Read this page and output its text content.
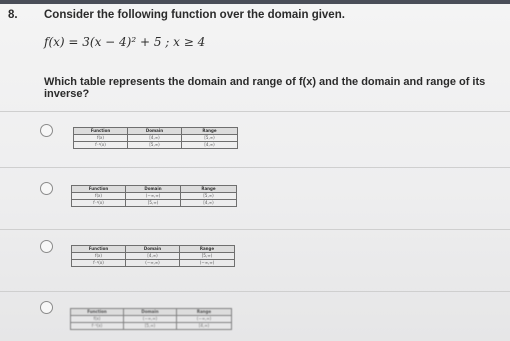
8. Consider the following function over the domain given.
f(x) = 3(x − 4)² + 5 ; x ≥ 4
Which table represents the domain and range of f(x) and the domain and range of its
inverse?
Function	Domain	Range
f(x)	[4,∞)	[5,∞)
f⁻¹(x)	[5,∞)	[4,∞)
Function	Domain	Range
f(x)	(−∞,∞)	[5,∞)
f⁻¹(x)	[5,∞)	[4,∞)
Function	Domain	Range
f(x)	[4,∞)	[5,∞)
f⁻¹(x)	(−∞,∞)	(−∞,∞)
Function	Domain	Range
f(x)	(−∞,∞)	(−∞,∞)
f⁻¹(x)	[5,∞)	[4,∞)
